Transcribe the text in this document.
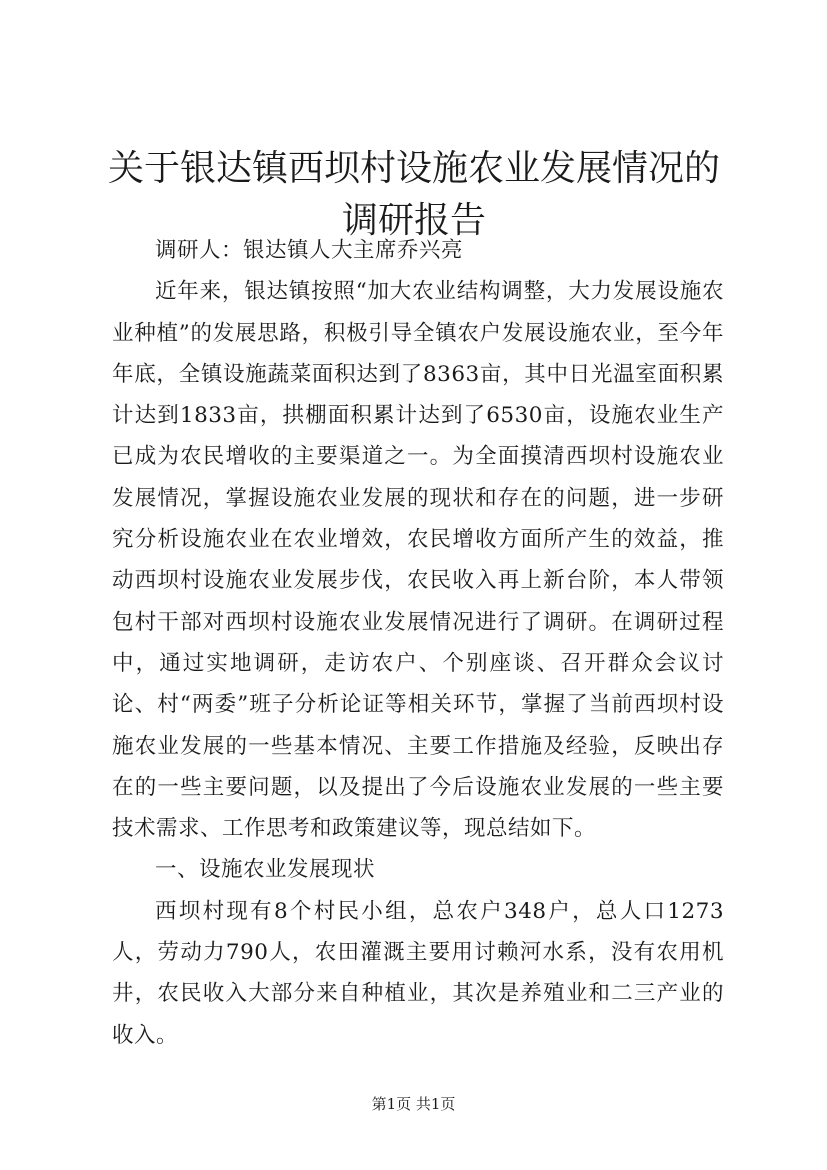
关于银达镇西坝村设施农业发展情况的调研报告

调研人：银达镇人大主席乔兴亮

近年来，银达镇按照“加大农业结构调整，大力发展设施农业种植”的发展思路，积极引导全镇农户发展设施农业，至今年年底，全镇设施蔬菜面积达到了8363亩，其中日光温室面积累计达到1833亩，拱棚面积累计达到了6530亩，设施农业生产已成为农民增收的主要渠道之一。为全面摸清西坝村设施农业发展情况，掌握设施农业发展的现状和存在的问题，进一步研究分析设施农业在农业增效，农民增收方面所产生的效益，推动西坝村设施农业发展步伐，农民收入再上新台阶，本人带领包村干部对西坝村设施农业发展情况进行了调研。在调研过程中，通过实地调研，走访农户、个别座谈、召开群众会议讨论、村“两委”班子分析论证等相关环节，掌握了当前西坝村设施农业发展的一些基本情况、主要工作措施及经验，反映出存在的一些主要问题，以及提出了今后设施农业发展的一些主要技术需求、工作思考和政策建议等，现总结如下。

一、设施农业发展现状

西坝村现有8个村民小组，总农户348户，总人口1273人，劳动力790人，农田灌溉主要用讨赖河水系，没有农用机井，农民收入大部分来自种植业，其次是养殖业和二三产业的收入。

第1页 共1页
